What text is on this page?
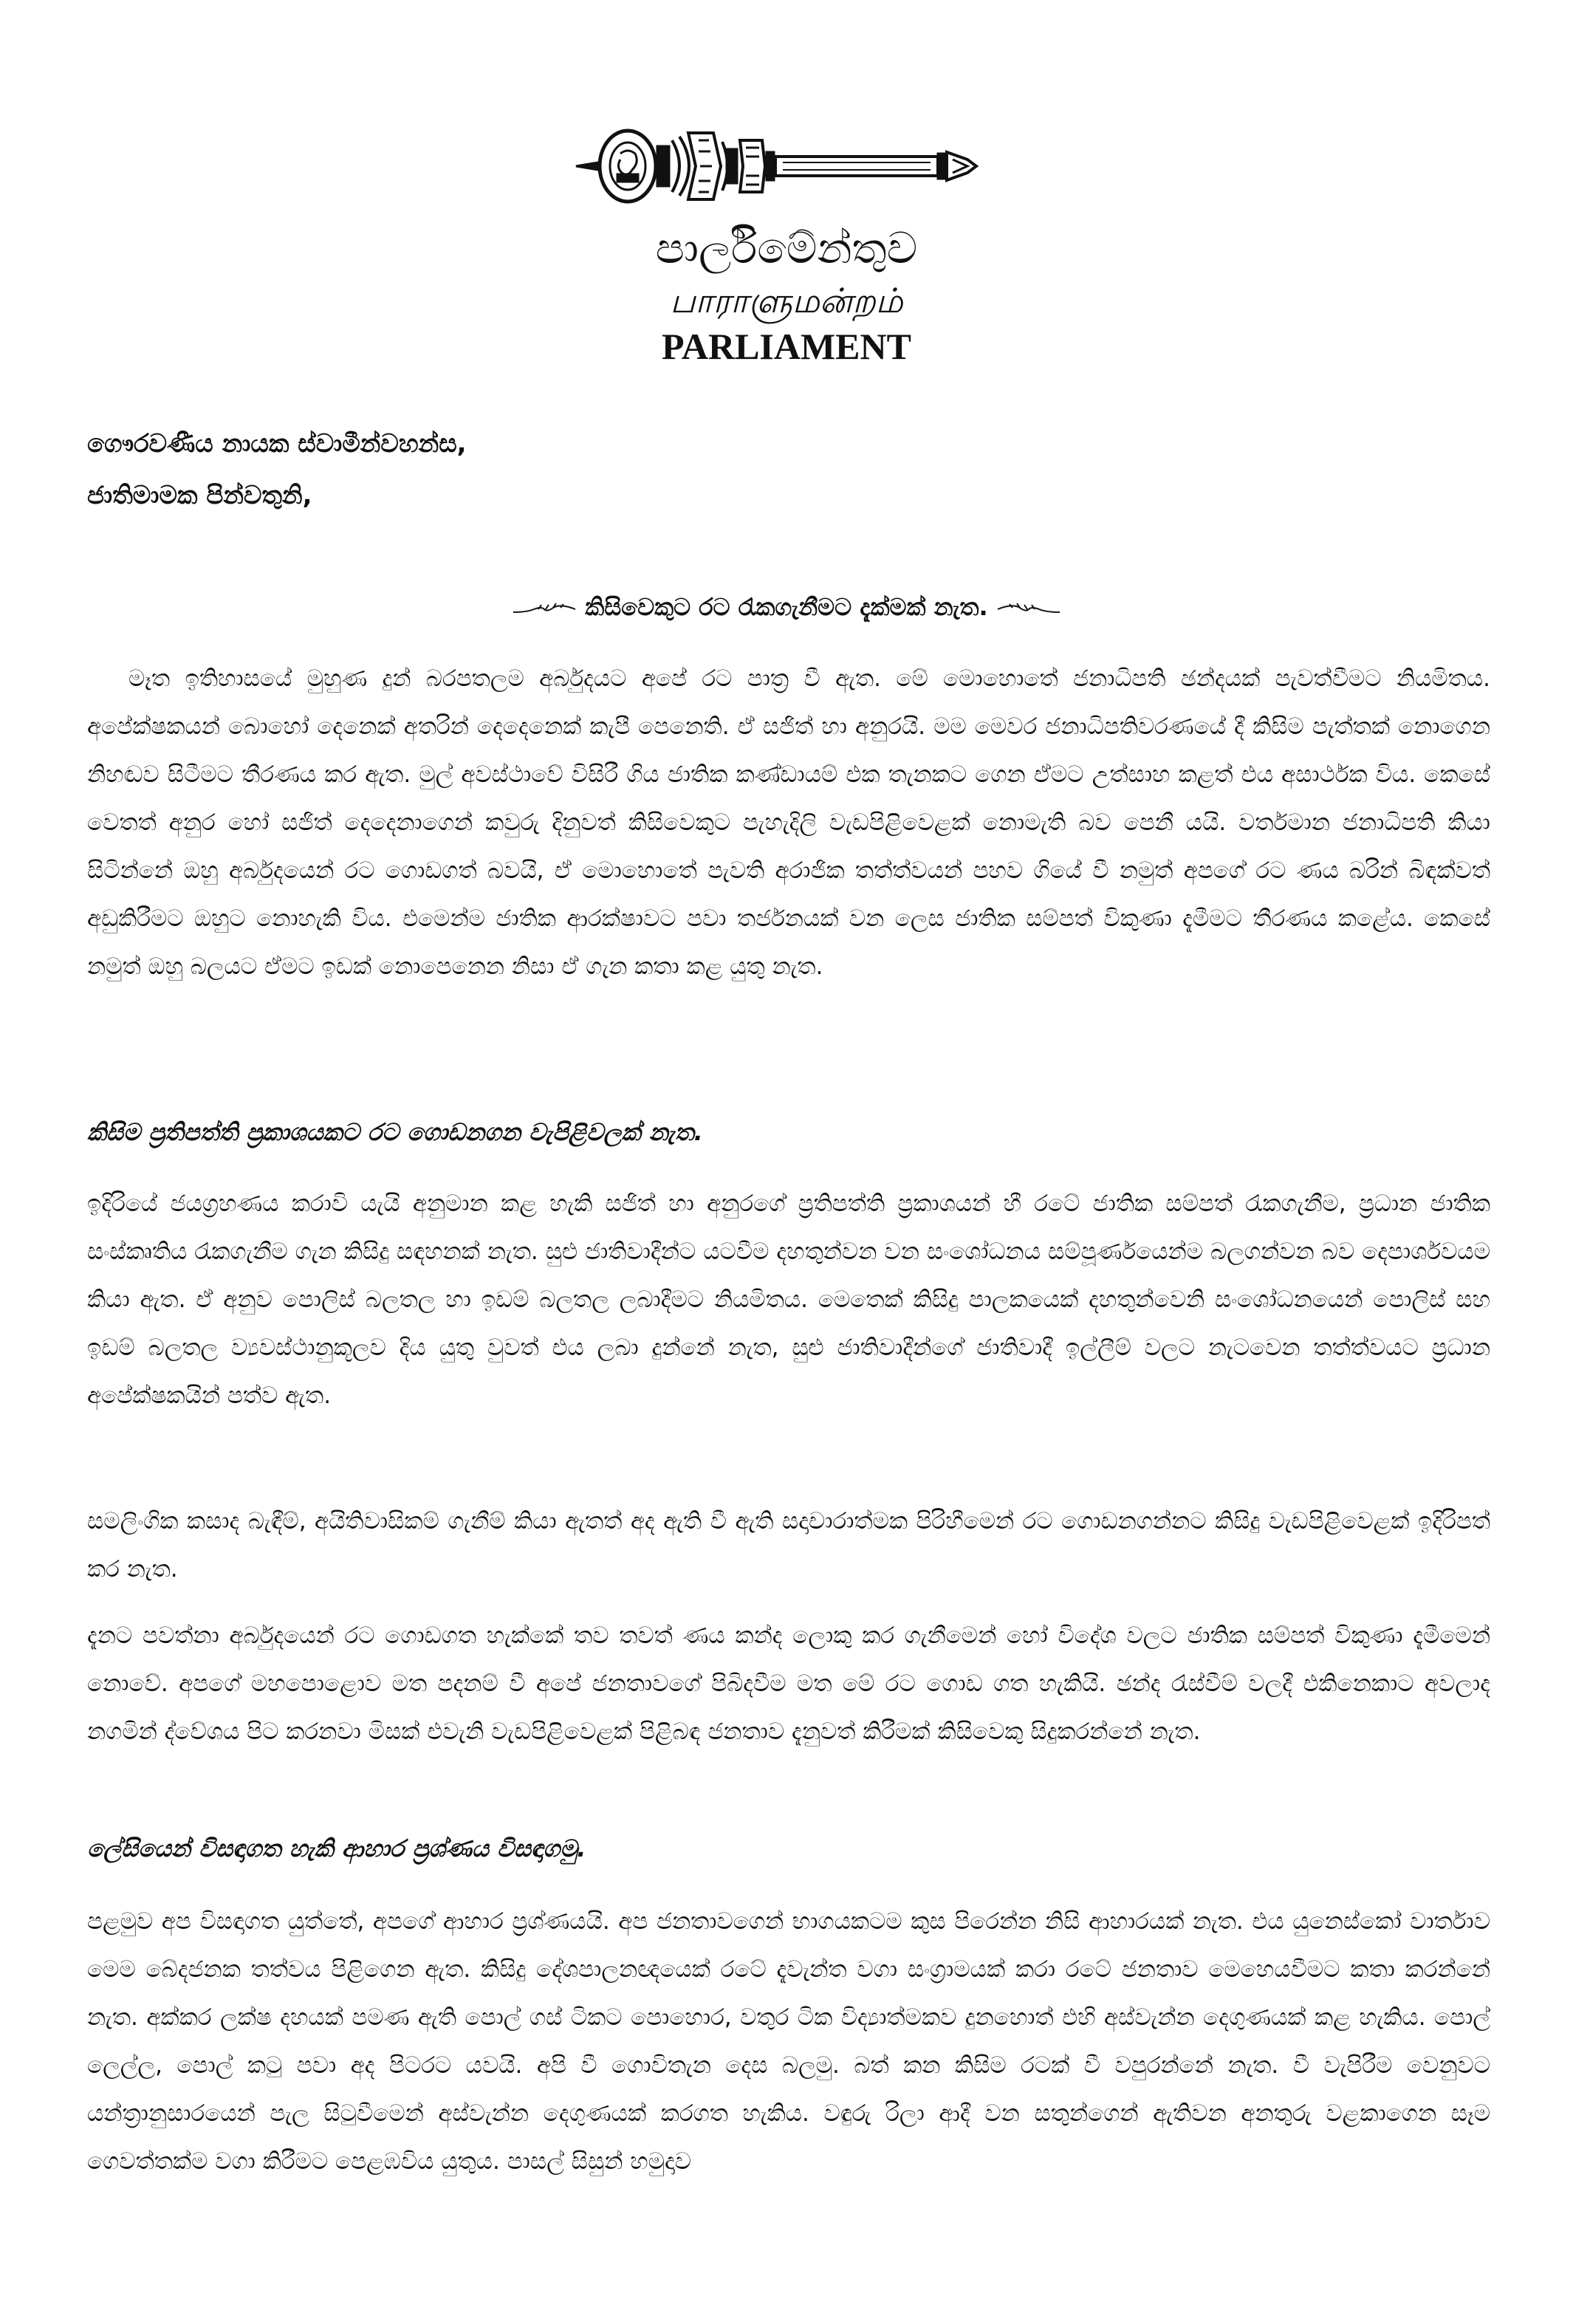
පාර්ලිමේන්තුව
பாராளுமன்றம்
PARLIAMENT
ගෞරවණීය නායක ස්වාමීන්වහන්ස,
ජාතිමාමක පින්වතුනි,
කිසිවෙකුට රට රැකගැනීමට දැක්මක් නැත.

මෑත ඉතිහාසයේ මුහුණ දුන් බරපතලම අර්බුදයට අපේ රට පාත්‍ර වී ඇත. මේ මොහොතේ ජනාධිපති ඡන්දයක් පැවත්වීමට නියමිතය. අපේක්ෂකයන් බොහෝ දෙනෙක් අතරින් දෙදෙනෙක් කැපී පෙනෙති. ඒ සජිත් හා අනුරයි. මම මෙවර ජනාධිපතිවරණයේ දී කිසිම පැත්තක් නොගෙන නිහඬව සිටීමට තීරණය කර ඇත. මුල් අවස්ථාවේ විසිරී ගිය ජාතික කණ්ඩායම් එක තැනකට ගෙන ඒමට උත්සාහ කළත් එය අසාර්ථක විය. කෙසේ වෙතත් අනුර හෝ සජිත් දෙදෙනාගෙන් කවුරු දිනුවත් කිසිවෙකුට පැහැදිලි වැඩපිළිවෙළක් නොමැති බව පෙනී යයි. වර්තමාන ජනාධිපති කියා සිටින්නේ ඔහු අර්බුදයෙන් රට ගොඩගත් බවයි, ඒ මොහොතේ පැවති අරාජික තත්ත්වයන් පහව ගියේ වී නමුත් අපගේ රට ණය බරින් බිඳක්වත් අඩුකිරීමට ඔහුට නොහැකි විය. එමෙන්ම ජාතික ආරක්ෂාවට පවා තර්ජනයක් වන ලෙස ජාතික සම්පත් විකුණා දැමීමට තීරණය කළේය. කෙසේ නමුත් ඔහු බලයට ඒමට ඉඩක් නොපෙනෙන නිසා ඒ ගැන කතා කළ යුතු නැත.

කිසිම ප්‍රතිපත්ති ප්‍රකාශයකට රට ගොඩනගන වැපිළිවලක් නැත.

ඉදිරියේ ජයග්‍රහණය කරාවි යැයි අනුමාන කළ හැකි සජිත් හා අනුරගේ ප්‍රතිපත්ති ප්‍රකාශයන් හී රටේ ජාතික සම්පත් රැකගැනීම, ප්‍රධාන ජාතික සංස්කෘතිය රැකගැනීම ගැන කිසිදු සඳහනක් නැත. සුළු ජාතිවාදීන්ට යටවීම දහතුන්වන වන සංශෝධනය සම්පූර්ණයෙන්ම බලගන්වන බව දෙපාර්ශවයම කියා ඇත. ඒ අනුව පොලිස් බලතල හා ඉඩම් බලතල ලබාදීමට නියමිතය. මෙතෙක් කිසිදු පාලකයෙක් දහතුන්වෙනි සංශෝධනයෙන් පොලිස් සහ ඉඩම් බලතල ව්‍යවස්ථානුකූලව දිය යුතු වුවත් එය ලබා දුන්නේ නැත, සුළු ජාතිවාදීන්ගේ ජාතිවාදී ඉල්ලීම් වලට නැටවෙන තත්ත්වයට ප්‍රධාන අපේක්ෂකයින් පත්ව ඇත.

සමලිංගික කසාද බැඳීම්, අයිතිවාසිකම් ගැනීම් කියා ඇතත් අද ඇති වී ඇති සදාචාරාත්මක පිරිහීමෙන් රට ගොඩනගන්නට කිසිදු වැඩපිළිවෙළක් ඉදිරිපත් කර නැත.

දැනට පවත්නා අර්බුදයෙන් රට ගොඩගත හැක්කේ තව තවත් ණය කන්ද ලොකු කර ගැනීමෙන් හෝ විදේශ වලට ජාතික සම්පත් විකුණා දැමීමෙන් නොවේ. අපගේ මහපොළොව මත පදනම් වී අපේ ජනතාවගේ පිබිදවීම මත මේ රට ගොඩ ගත හැකියි. ඡන්ද රැස්වීම් වලදී එකිනෙකාට අවලාද නගමින් ද්වේශය පිට කරනවා මිසක් එවැනි වැඩපිළිවෙළක් පිළිබඳ ජනතාව දැනුවත් කිරීමක් කිසිවෙකු සිදුකරන්නේ නැත.

ලේසියෙන් විසඳාගත හැකි ආහාර ප්‍රශ්ණය විසඳාගමු.

පළමුව අප විසඳාගත යුත්තේ, අපගේ ආහාර ප්‍රශ්ණයයි. අප ජනතාවගෙන් භාගයකටම කුස පිරෙන්න නිසි ආහාරයක් නැත. එය යුනෙස්කෝ වාර්තාව මෙම බේදජනක තත්වය පිළිගෙන ඇත. කිසිදු දේශපාලනඥයෙක් රටේ දැවැන්ත වගා සංග්‍රාමයක් කරා රටේ ජනතාව මෙහෙයවීමට කතා කරන්නේ නැත. අක්කර ලක්ෂ දහයක් පමණ ඇති පොල් ගස් ටිකට පොහොර, වතුර ටික විද්‍යාත්මකව දුනහොත් එහි අස්වැන්න දෙගුණයක් කළ හැකිය. පොල් ලෙල්ල, පොල් කටු පවා අද පිටරට යවයි. අපි වී ගොවිතැන දෙස බලමු. බත් කන කිසිම රටක් වී වපුරන්නේ නැත. වී වැපිරීම වෙනුවට යන්ත්‍රානුසාරයෙන් පැල සිටුවීමෙන් අස්වැන්න දෙගුණයක් කරගත හැකිය. වඳුරු රිලා ආදී වන සතුන්ගෙන් ඇතිවන අනතුරු වළකාගෙන සෑම ගෙවත්තක්ම වගා කිරීමට පෙළඹවිය යුතුය. පාසල් සිසුන් හමුදාව
